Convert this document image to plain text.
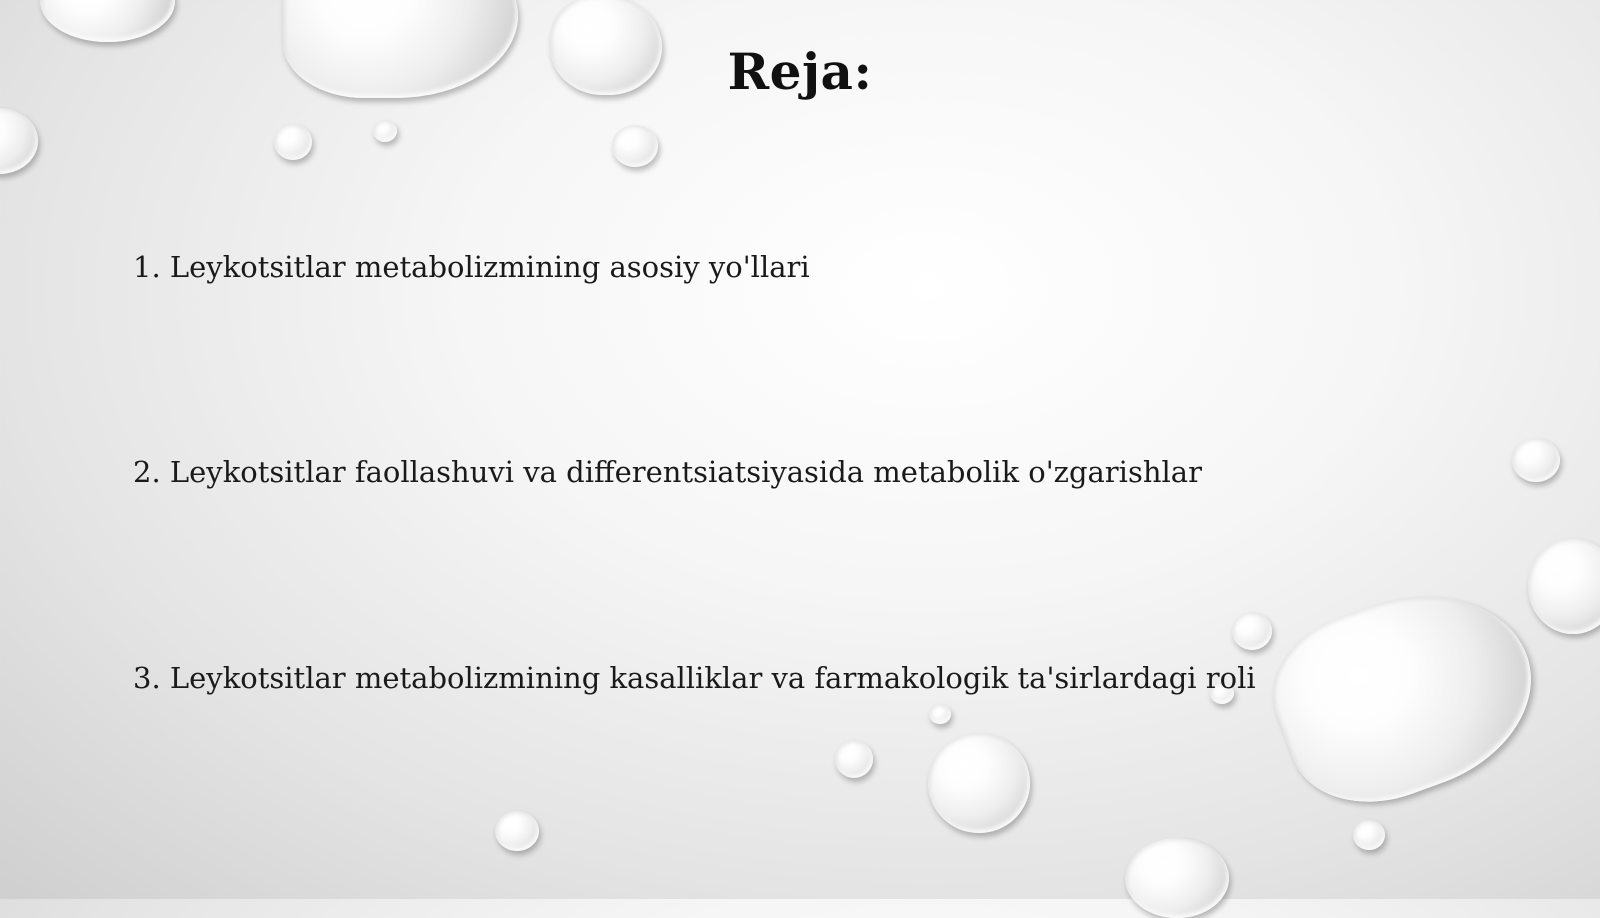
Reja:
1. Leykotsitlar metabolizmining asosiy yo'llari
2. Leykotsitlar faollashuvi va differentsiatsiyasida metabolik o'zgarishlar
3. Leykotsitlar metabolizmining kasalliklar va farmakologik ta'sirlardagi roli
